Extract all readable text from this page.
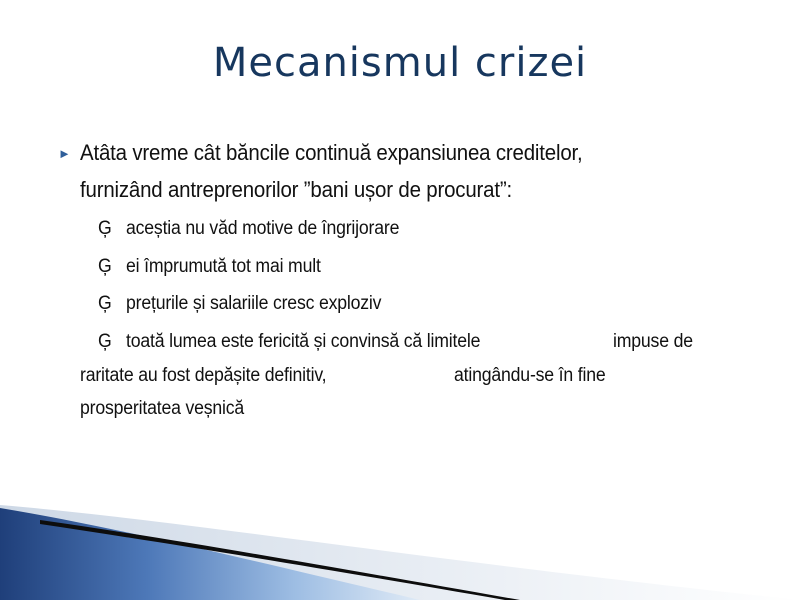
Mecanismul crizei
► Atâta vreme cât băncile continuă expansiunea creditelor,
furnizând antreprenorilor ”bani ușor de procurat”:
Ģ aceștia nu văd motive de îngrijorare
Ģ ei împrumută tot mai mult
Ģ prețurile și salariile cresc exploziv
Ģ toată lumea este fericită și convinsă că limitele	impuse de
raritate au fost depășite definitiv,	atingându-se în fine
prosperitatea veșnică
